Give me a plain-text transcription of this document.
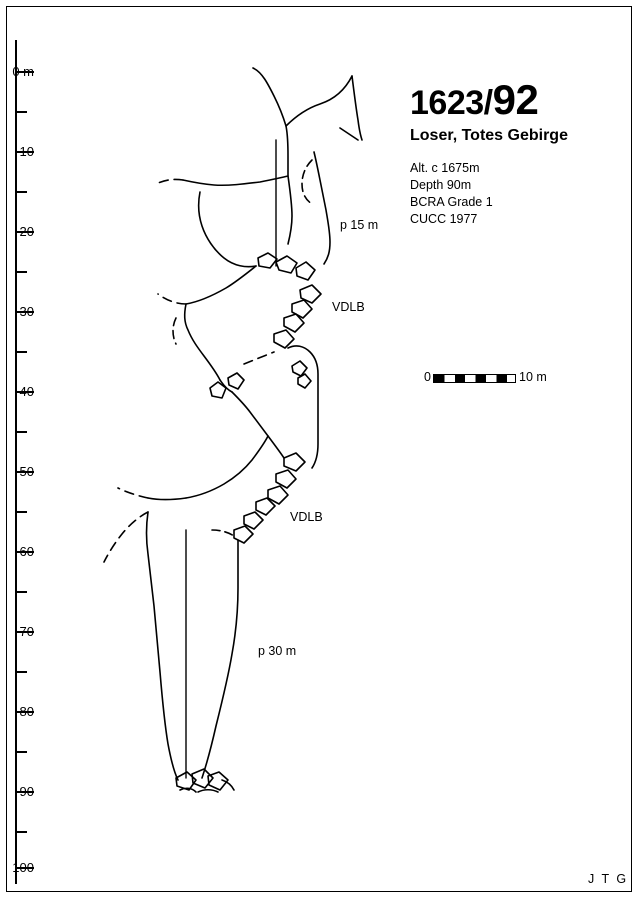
0 m
10
20
30
40
50
60
70
80
90
100
1623/92
Loser, Totes Gebirge
Alt. c 1675m
Depth 90m
BCRA Grade 1
CUCC 1977
p 15 m
VDLB
VDLB
p 30 m
0	10 m
J T G
